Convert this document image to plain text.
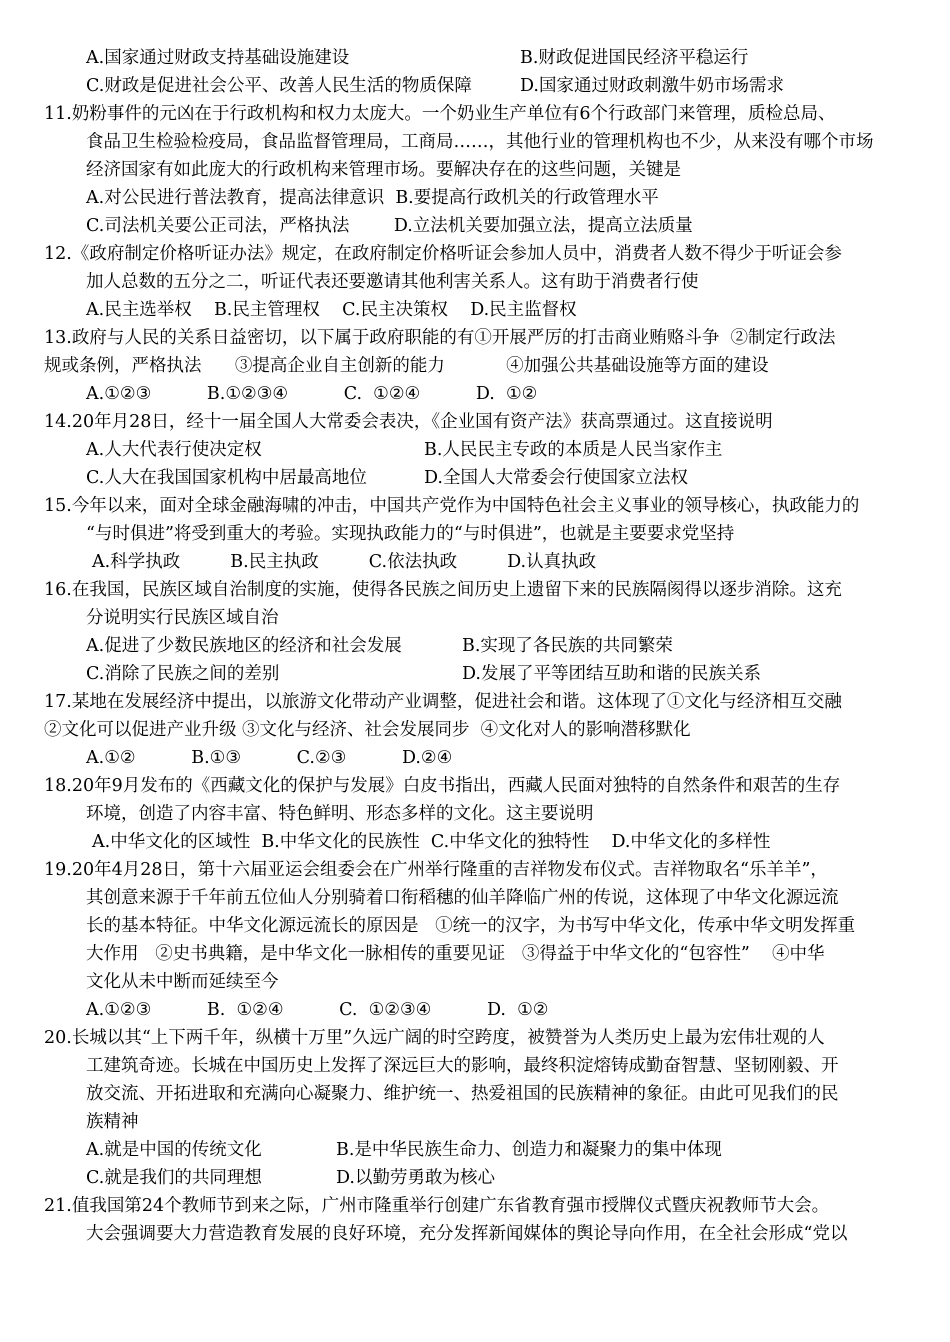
A.国家通过财政支持基础设施建设	B.财政促进国民经济平稳运行
C.财政是促进社会公平、改善人民生活的物质保障	D.国家通过财政刺激牛奶市场需求
11.奶粉事件的元凶在于行政机构和权力太庞大。一个奶业生产单位有6个行政部门来管理，质检总局、
食品卫生检验检疫局，食品监督管理局，工商局……，其他行业的管理机构也不少，从来没有哪个市场
经济国家有如此庞大的行政机构来管理市场。要解决存在的这些问题，关键是
A.对公民进行普法教育，提高法律意识  B.要提高行政机关的行政管理水平
C.司法机关要公正司法，严格执法        D.立法机关要加强立法，提高立法质量
12.《政府制定价格听证办法》规定，在政府制定价格听证会参加人员中，消费者人数不得少于听证会参
加人总数的五分之二，听证代表还要邀请其他利害关系人。这有助于消费者行使
A.民主选举权    B.民主管理权    C.民主决策权    D.民主监督权
13.政府与人民的关系日益密切，以下属于政府职能的有①开展严厉的打击商业贿赂斗争  ②制定行政法
规或条例，严格执法      ③提高企业自主创新的能力           ④加强公共基础设施等方面的建设
A.①②③          B.①②③④          C.  ①②④          D.  ①②
14.20年月28日，经十一届全国人大常委会表决，《企业国有资产法》获高票通过。这直接说明
A.人大代表行使决定权	B.人民民主专政的本质是人民当家作主
C.人大在我国国家机构中居最高地位	D.全国人大常委会行使国家立法权
15.今年以来，面对全球金融海啸的冲击，中国共产党作为中国特色社会主义事业的领导核心，执政能力的
“与时俱进”将受到重大的考验。实现执政能力的“与时俱进”，也就是主要要求党坚持
A.科学执政         B.民主执政         C.依法执政         D.认真执政
16.在我国，民族区域自治制度的实施，使得各民族之间历史上遗留下来的民族隔阂得以逐步消除。这充
分说明实行民族区域自治
A.促进了少数民族地区的经济和社会发展	B.实现了各民族的共同繁荣
C.消除了民族之间的差别	D.发展了平等团结互助和谐的民族关系
17.某地在发展经济中提出，以旅游文化带动产业调整，促进社会和谐。这体现了①文化与经济相互交融
②文化可以促进产业升级 ③文化与经济、社会发展同步  ④文化对人的影响潜移默化
A.①②          B.①③          C.②③          D.②④
18.20年9月发布的《西藏文化的保护与发展》白皮书指出，西藏人民面对独特的自然条件和艰苦的生存
环境，创造了内容丰富、特色鲜明、形态多样的文化。这主要说明
A.中华文化的区域性  B.中华文化的民族性  C.中华文化的独特性    D.中华文化的多样性
19.20年4月28日，第十六届亚运会组委会在广州举行隆重的吉祥物发布仪式。吉祥物取名“乐羊羊”，
其创意来源于千年前五位仙人分别骑着口衔稻穗的仙羊降临广州的传说，这体现了中华文化源远流
长的基本特征。中华文化源远流长的原因是   ①统一的汉字，为书写中华文化，传承中华文明发挥重
大作用   ②史书典籍，是中华文化一脉相传的重要见证   ③得益于中华文化的“包容性”    ④中华
文化从未中断而延续至今
A.①②③          B.  ①②④          C.  ①②③④          D.  ①②
20.长城以其“上下两千年，纵横十万里”久远广阔的时空跨度，被赞誉为人类历史上最为宏伟壮观的人
工建筑奇迹。长城在中国历史上发挥了深远巨大的影响，最终积淀熔铸成勤奋智慧、坚韧刚毅、开
放交流、开拓进取和充满向心凝聚力、维护统一、热爱祖国的民族精神的象征。由此可见我们的民
族精神
A.就是中国的传统文化	B.是中华民族生命力、创造力和凝聚力的集中体现
C.就是我们的共同理想	D.以勤劳勇敢为核心
21.值我国第24个教师节到来之际，广州市隆重举行创建广东省教育强市授牌仪式暨庆祝教师节大会。
大会强调要大力营造教育发展的良好环境，充分发挥新闻媒体的舆论导向作用，在全社会形成“党以
